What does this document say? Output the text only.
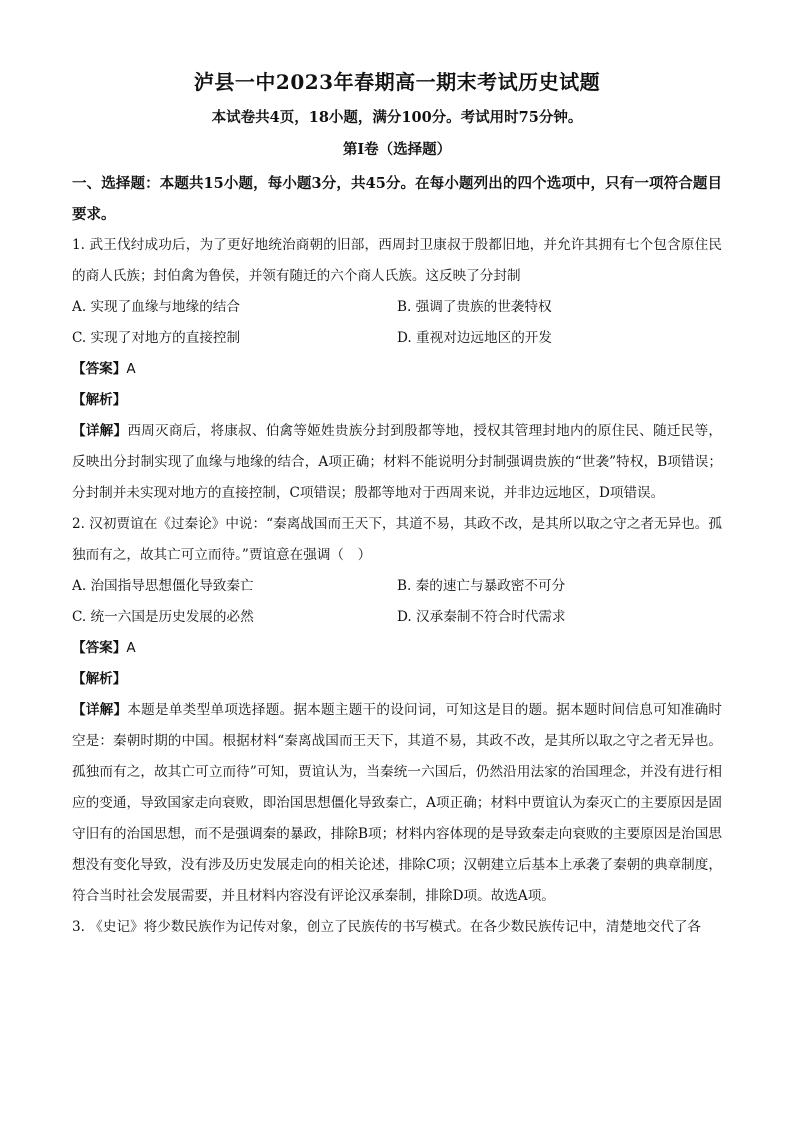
泸县一中2023年春期高一期末考试历史试题
本试卷共4页，18小题，满分100分。考试用时75分钟。
第I卷（选择题）
一、选择题：本题共15小题，每小题3分，共45分。在每小题列出的四个选项中，只有一项符合题目要求。

1. 武王伐纣成功后，为了更好地统治商朝的旧部，西周封卫康叔于殷都旧地，并允许其拥有七个包含原住民的商人氏族；封伯禽为鲁侯，并领有随迁的六个商人氏族。这反映了分封制

A. 实现了血缘与地缘的结合	B. 强调了贵族的世袭特权
C. 实现了对地方的直接控制	D. 重视对边远地区的开发

【答案】A

【解析】

【详解】西周灭商后，将康叔、伯禽等姬姓贵族分封到殷都等地，授权其管理封地内的原住民、随迁民等，反映出分封制实现了血缘与地缘的结合，A项正确；材料不能说明分封制强调贵族的“世袭”特权，B项错误；分封制并未实现对地方的直接控制，C项错误；殷都等地对于西周来说，并非边远地区，D项错误。

2. 汉初贾谊在《过秦论》中说：“秦离战国而王天下，其道不易，其政不改，是其所以取之守之者无异也。孤独而有之，故其亡可立而待。”贾谊意在强调（　）

A. 治国指导思想僵化导致秦亡	B. 秦的速亡与暴政密不可分
C. 统一六国是历史发展的必然	D. 汉承秦制不符合时代需求

【答案】A

【解析】

【详解】本题是单类型单项选择题。据本题主题干的设问词，可知这是目的题。据本题时间信息可知准确时空是：秦朝时期的中国。根据材料“秦离战国而王天下，其道不易，其政不改，是其所以取之守之者无异也。孤独而有之，故其亡可立而待”可知，贾谊认为，当秦统一六国后，仍然沿用法家的治国理念，并没有进行相应的变通，导致国家走向衰败，即治国思想僵化导致秦亡，A项正确；材料中贾谊认为秦灭亡的主要原因是固守旧有的治国思想，而不是强调秦的暴政，排除B项；材料内容体现的是导致秦走向衰败的主要原因是治国思想没有变化导致，没有涉及历史发展走向的相关论述，排除C项；汉朝建立后基本上承袭了秦朝的典章制度，符合当时社会发展需要，并且材料内容没有评论汉承秦制，排除D项。故选A项。

3. 《史记》将少数民族作为记传对象，创立了民族传的书写模式。在各少数民族传记中，清楚地交代了各
